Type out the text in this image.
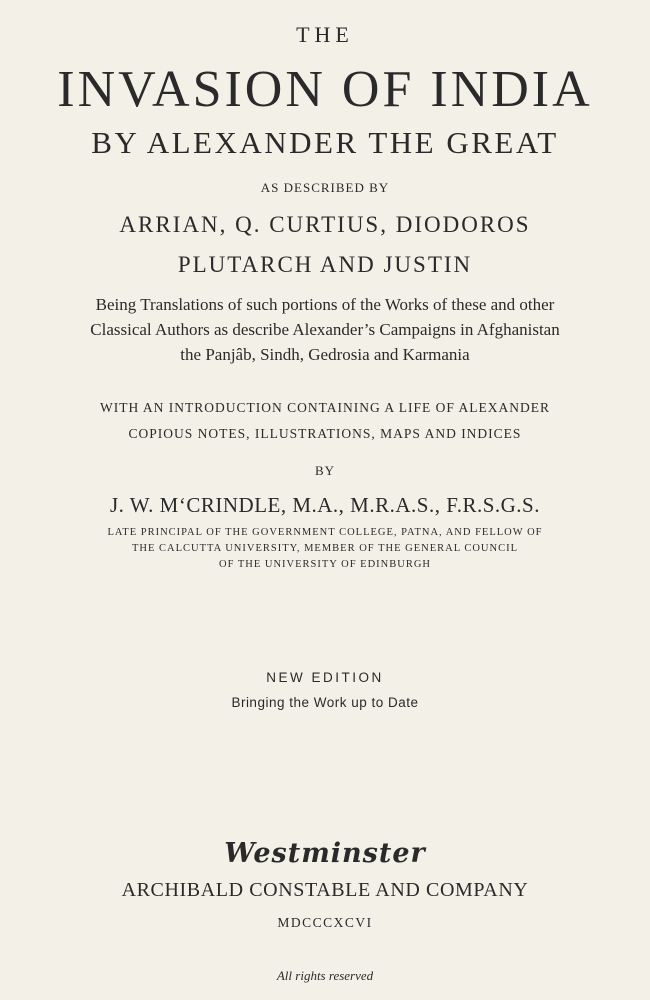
THE
INVASION OF INDIA
BY ALEXANDER THE GREAT
AS DESCRIBED BY
ARRIAN, Q. CURTIUS, DIODOROS
PLUTARCH AND JUSTIN
Being Translations of such portions of the Works of these and other
Classical Authors as describe Alexander’s Campaigns in Afghanistan
the Panjâb, Sindh, Gedrosia and Karmania
WITH AN INTRODUCTION CONTAINING A LIFE OF ALEXANDER
COPIOUS NOTES, ILLUSTRATIONS, MAPS AND INDICES
BY
J. W. M‘CRINDLE, M.A., M.R.A.S., F.R.S.G.S.
LATE PRINCIPAL OF THE GOVERNMENT COLLEGE, PATNA, AND FELLOW OF
THE CALCUTTA UNIVERSITY, MEMBER OF THE GENERAL COUNCIL
OF THE UNIVERSITY OF EDINBURGH
NEW EDITION
Bringing the Work up to Date
Westminster
ARCHIBALD CONSTABLE AND COMPANY
MDCCCXCVI
All rights reserved
